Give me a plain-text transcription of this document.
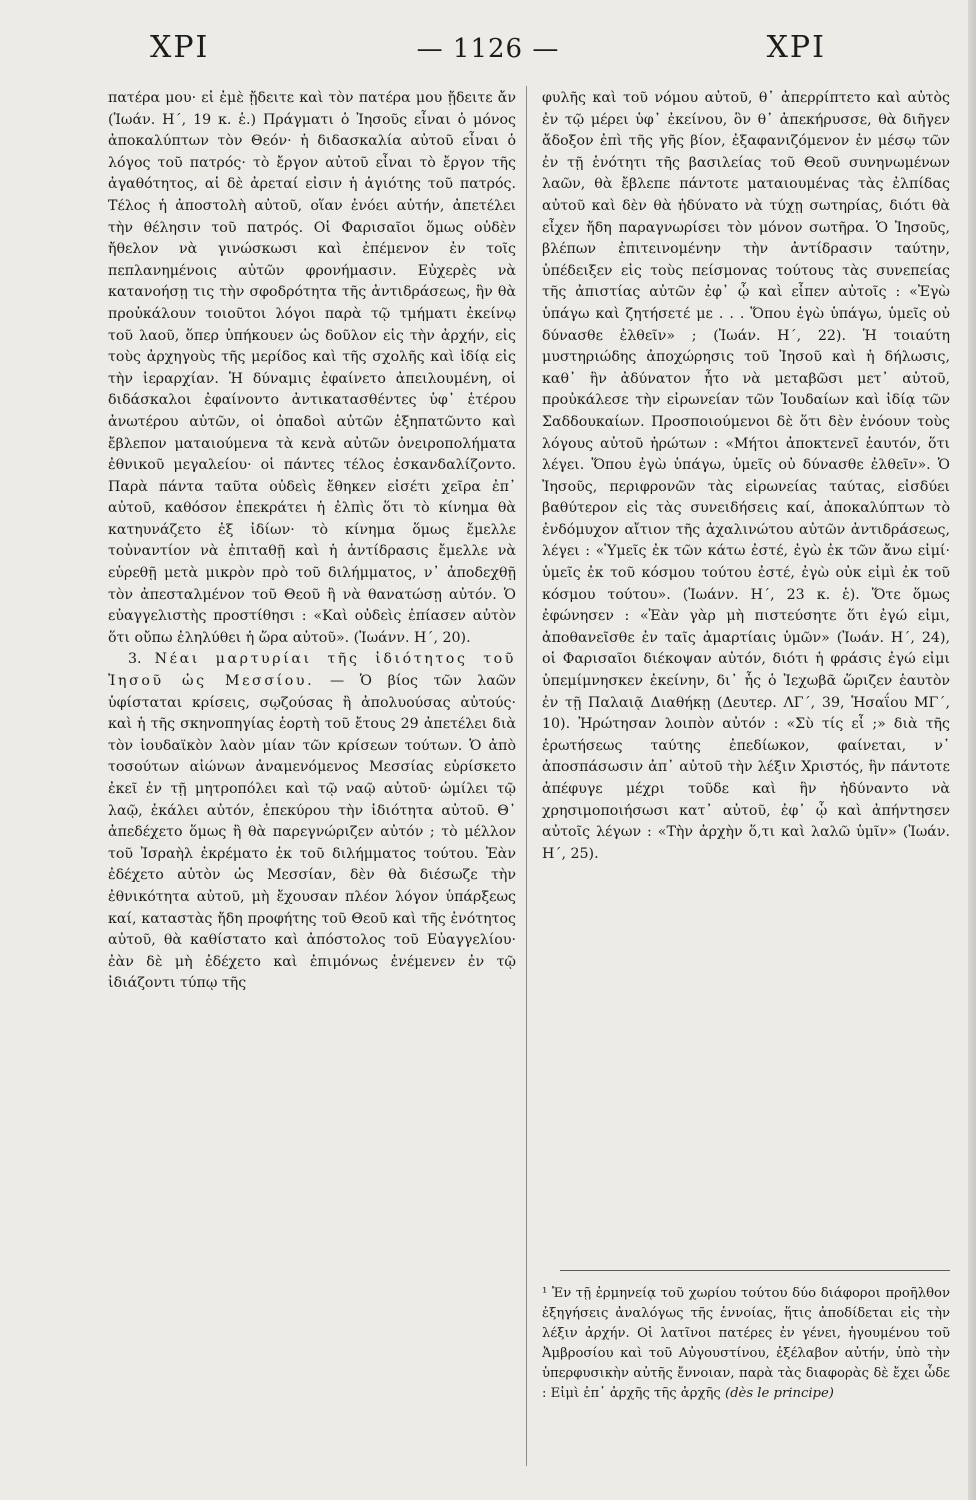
ΧΡΙ	— 1126 —	ΧΡΙ

πατέρα μου· εἰ ἐμὲ ᾔδειτε καὶ τὸν πατέρα μου ᾔδειτε ἄν (Ἰωάν. Η΄, 19 κ. ἑ.) Πράγματι ὁ Ἰησοῦς εἶναι ὁ μόνος ἀποκαλύπτων τὸν Θεόν· ἡ διδασκαλία αὐτοῦ εἶναι ὁ λόγος τοῦ πατρός· τὸ ἔργον αὐτοῦ εἶναι τὸ ἔργον τῆς ἀγαθότητος, αἱ δὲ ἀρεταί εἰσιν ἡ ἁγιότης τοῦ πατρός. Τέλος ἡ ἀποστολὴ αὐτοῦ, οἵαν ἐνόει αὐτήν, ἀπετέλει τὴν θέλησιν τοῦ πατρός. Οἱ Φαρισαῖοι ὅμως οὐδὲν ἤθελον νὰ γινώσκωσι καὶ ἐπέμενον ἐν τοῖς πεπλανημένοις αὐτῶν φρονήμασιν. Εὐχερὲς νὰ κατανοήσῃ τις τὴν σφοδρότητα τῆς ἀντιδράσεως, ἣν θὰ προὐκάλουν τοιοῦτοι λόγοι παρὰ τῷ τμήματι ἐκείνῳ τοῦ λαοῦ, ὅπερ ὑπήκουεν ὡς δοῦλον εἰς τὴν ἀρχήν, εἰς τοὺς ἀρχηγοὺς τῆς μερίδος καὶ τῆς σχολῆς καὶ ἰδίᾳ εἰς τὴν ἱεραρχίαν. Ἡ δύναμις ἐφαίνετο ἀπειλουμένη, οἱ διδάσκαλοι ἐφαίνοντο ἀντικατασθέντες ὑφ᾽ ἑτέρου ἀνωτέρου αὐτῶν, οἱ ὀπαδοὶ αὐτῶν ἐξηπατῶντο καὶ ἔβλεπον ματαιούμενα τὰ κενὰ αὐτῶν ὀνειροπολήματα ἐθνικοῦ μεγαλείου· οἱ πάντες τέλος ἐσκανδαλίζοντο. Παρὰ πάντα ταῦτα οὐδεὶς ἔθηκεν εἰσέτι χεῖρα ἐπ᾽ αὐτοῦ, καθόσον ἐπεκράτει ἡ ἐλπὶς ὅτι τὸ κίνημα θὰ κατηυνάζετο ἐξ ἰδίων· τὸ κίνημα ὅμως ἔμελλε τοὐναντίον νὰ ἐπιταθῇ καὶ ἡ ἀντίδρασις ἔμελλε νὰ εὑρεθῇ μετὰ μικρὸν πρὸ τοῦ διλήμματος, ν᾽ ἀποδεχθῇ τὸν ἀπεσταλμένον τοῦ Θεοῦ ἢ νὰ θανατώσῃ αὐτόν. Ὁ εὐαγγελιστὴς προστίθησι : «Καὶ οὐδεὶς ἐπίασεν αὐτὸν ὅτι οὔπω ἐληλύθει ἡ ὥρα αὐτοῦ». (Ἰωάνν. Η΄, 20).

3. Νέαι μαρτυρίαι τῆς ἰδιότητος τοῦ Ἰησοῦ ὡς Μεσσίου. — Ὁ βίος τῶν λαῶν ὑφίσταται κρίσεις, σῳζούσας ἢ ἀπολυούσας αὐτούς· καὶ ἡ τῆς σκηνοπηγίας ἑορτὴ τοῦ ἔτους 29 ἀπετέλει διὰ τὸν ἰουδαϊκὸν λαὸν μίαν τῶν κρίσεων τούτων. Ὁ ἀπὸ τοσούτων αἰώνων ἀναμενόμενος Μεσσίας εὑρίσκετο ἐκεῖ ἐν τῇ μητροπόλει καὶ τῷ ναῷ αὐτοῦ· ὡμίλει τῷ λαῷ, ἐκάλει αὐτόν, ἐπεκύρου τὴν ἰδιότητα αὐτοῦ. Θ᾽ ἀπεδέχετο ὅμως ἢ θὰ παρεγνώριζεν αὐτόν ; τὸ μέλλον τοῦ Ἰσραὴλ ἐκρέματο ἐκ τοῦ διλήμματος τούτου. Ἐὰν ἐδέχετο αὐτὸν ὡς Μεσσίαν, δὲν θὰ διέσωζε τὴν ἐθνικότητα αὐτοῦ, μὴ ἔχουσαν πλέον λόγον ὑπάρξεως καί, καταστὰς ἤδη προφήτης τοῦ Θεοῦ καὶ τῆς ἑνότητος αὐτοῦ, θὰ καθίστατο καὶ ἀπόστολος τοῦ Εὐαγγελίου· ἐὰν δὲ μὴ ἐδέχετο καὶ ἐπιμόνως ἐνέμενεν ἐν τῷ ἰδιάζοντι τύπῳ τῆς

φυλῆς καὶ τοῦ νόμου αὐτοῦ, θ᾽ ἀπερρίπτετο καὶ αὐτὸς ἐν τῷ μέρει ὑφ᾽ ἐκείνου, ὃν θ᾽ ἀπεκήρυσσε, θὰ διῆγεν ἄδοξον ἐπὶ τῆς γῆς βίον, ἐξαφανιζόμενον ἐν μέσῳ τῶν ἐν τῇ ἑνότητι τῆς βασιλείας τοῦ Θεοῦ συνηνωμένων λαῶν, θὰ ἔβλεπε πάντοτε ματαιουμένας τὰς ἐλπίδας αὐτοῦ καὶ δὲν θὰ ἠδύνατο νὰ τύχῃ σωτηρίας, διότι θὰ εἶχεν ἤδη παραγνωρίσει τὸν μόνον σωτῆρα. Ὁ Ἰησοῦς, βλέπων ἐπιτεινομένην τὴν ἀντίδρασιν ταύτην, ὑπέδειξεν εἰς τοὺς πείσμονας τούτους τὰς συνεπείας τῆς ἀπιστίας αὐτῶν ἐφ᾽ ᾧ καὶ εἶπεν αὐτοῖς : «Ἐγὼ ὑπάγω καὶ ζητήσετέ με . . . Ὅπου ἐγὼ ὑπάγω, ὑμεῖς οὐ δύνασθε ἐλθεῖν» ; (Ἰωάν. Η΄, 22). Ἡ τοιαύτη μυστηριώδης ἀποχώρησις τοῦ Ἰησοῦ καὶ ἡ δήλωσις, καθ᾽ ἣν ἀδύνατον ἦτο νὰ μεταβῶσι μετ᾽ αὐτοῦ, προὐκάλεσε τὴν εἰρωνείαν τῶν Ἰουδαίων καὶ ἰδίᾳ τῶν Σαδδουκαίων. Προσποιούμενοι δὲ ὅτι δὲν ἐνόουν τοὺς λόγους αὐτοῦ ἠρώτων : «Μήτοι ἀποκτενεῖ ἑαυτόν, ὅτι λέγει. Ὅπου ἐγὼ ὑπάγω, ὑμεῖς οὐ δύνασθε ἐλθεῖν». Ὁ Ἰησοῦς, περιφρονῶν τὰς εἰρωνείας ταύτας, εἰσδύει βαθύτερον εἰς τὰς συνειδήσεις καί, ἀποκαλύπτων τὸ ἐνδόμυχον αἴτιον τῆς ἀχαλινώτου αὐτῶν ἀντιδράσεως, λέγει : «Ὑμεῖς ἐκ τῶν κάτω ἐστέ, ἐγὼ ἐκ τῶν ἄνω εἰμί· ὑμεῖς ἐκ τοῦ κόσμου τούτου ἐστέ, ἐγὼ οὐκ εἰμὶ ἐκ τοῦ κόσμου τούτου». (Ἰωάνν. Η΄, 23 κ. ἑ). Ὅτε ὅμως ἐφώνησεν : «Ἐὰν γὰρ μὴ πιστεύσητε ὅτι ἐγώ εἰμι, ἀποθανεῖσθε ἐν ταῖς ἁμαρτίαις ὑμῶν» (Ἰωάν. Η΄, 24), οἱ Φαρισαῖοι διέκοψαν αὐτόν, διότι ἡ φράσις ἐγώ εἰμι ὑπεμίμνησκεν ἐκείνην, δι᾽ ἧς ὁ Ἰεχωβᾶ ὥριζεν ἑαυτὸν ἐν τῇ Παλαιᾷ Διαθήκῃ (Δευτερ. ΛΓ΄, 39, Ἡσαΐου ΜΓ΄, 10). Ἠρώτησαν λοιπὸν αὐτόν : «Σὺ τίς εἶ ;» διὰ τῆς ἐρωτήσεως ταύτης ἐπεδίωκον, φαίνεται, ν᾽ ἀποσπάσωσιν ἀπ᾽ αὐτοῦ τὴν λέξιν Χριστός, ἣν πάντοτε ἀπέφυγε μέχρι τοῦδε καὶ ἣν ἠδύναντο νὰ χρησιμοποιήσωσι κατ᾽ αὐτοῦ, ἐφ᾽ ᾧ καὶ ἀπήντησεν αὐτοῖς λέγων : «Τὴν ἀρχὴν ὅ,τι καὶ λαλῶ ὑμῖν» (Ἰωάν. Η΄, 25).

¹ Ἐν τῇ ἑρμηνείᾳ τοῦ χωρίου τούτου δύο διάφοροι προῆλθον ἐξηγήσεις ἀναλόγως τῆς ἐννοίας, ἥτις ἀποδίδεται εἰς τὴν λέξιν ἀρχήν. Οἱ λατῖνοι πατέρες ἐν γένει, ἡγουμένου τοῦ Ἀμβροσίου καὶ τοῦ Αὐγουστίνου, ἐξέλαβον αὐτήν, ὑπὸ τὴν ὑπερφυσικὴν αὐτῆς ἔννοιαν, παρὰ τὰς διαφορὰς δὲ ἔχει ὧδε : Εἰμὶ ἐπ᾽ ἀρχῆς τῆς ἀρχῆς (dès le principe)
